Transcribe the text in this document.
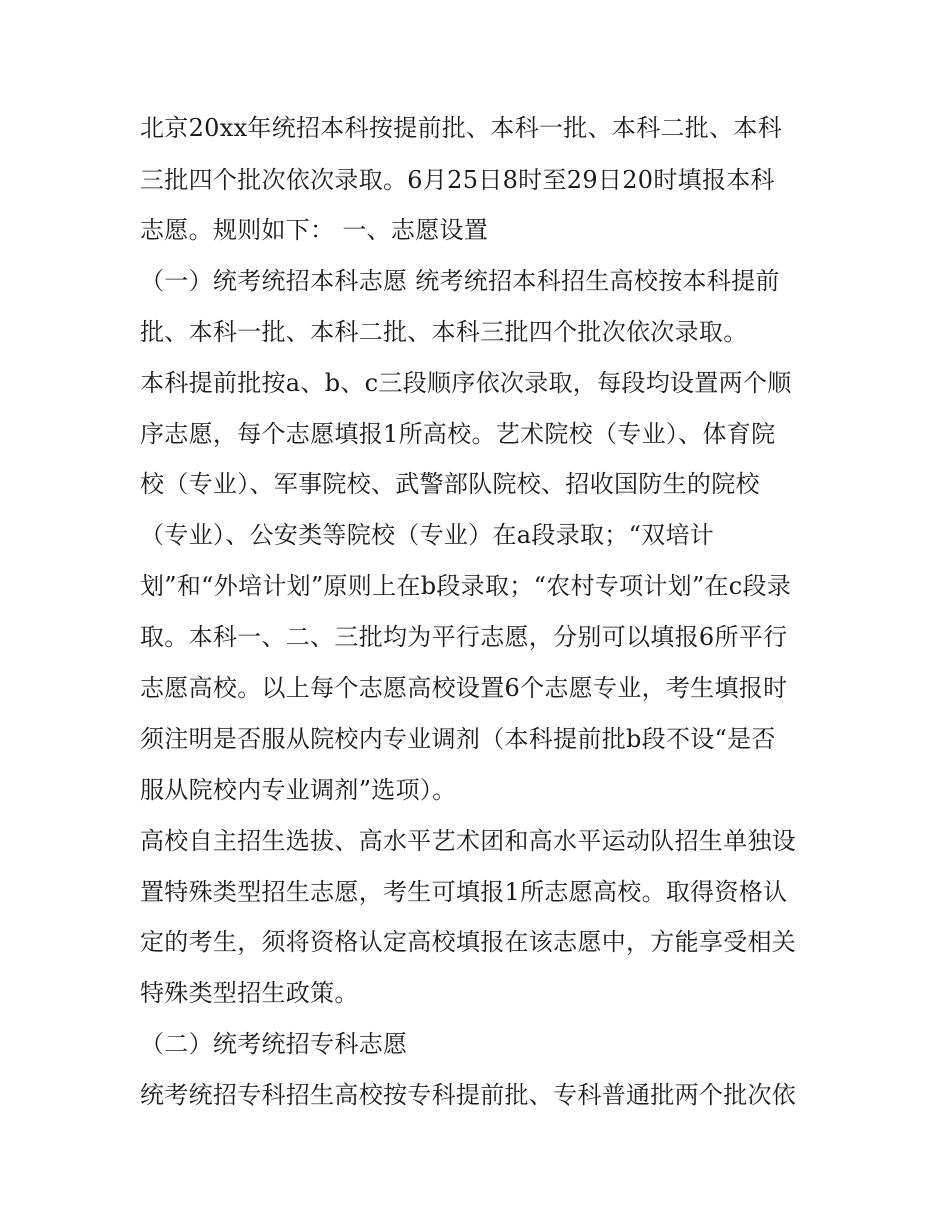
北京20xx年统招本科按提前批、本科一批、本科二批、本科
三批四个批次依次录取。6月25日8时至29日20时填报本科
志愿。规则如下： 一、志愿设置
（一）统考统招本科志愿 统考统招本科招生高校按本科提前
批、本科一批、本科二批、本科三批四个批次依次录取。
本科提前批按a、b、c三段顺序依次录取，每段均设置两个顺
序志愿，每个志愿填报1所高校。艺术院校（专业）、体育院
校（专业）、军事院校、武警部队院校、招收国防生的院校
（专业）、公安类等院校（专业）在a段录取；“双培计
划”和“外培计划”原则上在b段录取；“农村专项计划”在c段录
取。本科一、二、三批均为平行志愿，分别可以填报6所平行
志愿高校。以上每个志愿高校设置6个志愿专业，考生填报时
须注明是否服从院校内专业调剂（本科提前批b段不设“是否
服从院校内专业调剂”选项）。
高校自主招生选拔、高水平艺术团和高水平运动队招生单独设
置特殊类型招生志愿，考生可填报1所志愿高校。取得资格认
定的考生，须将资格认定高校填报在该志愿中，方能享受相关
特殊类型招生政策。
（二）统考统招专科志愿
统考统招专科招生高校按专科提前批、专科普通批两个批次依
